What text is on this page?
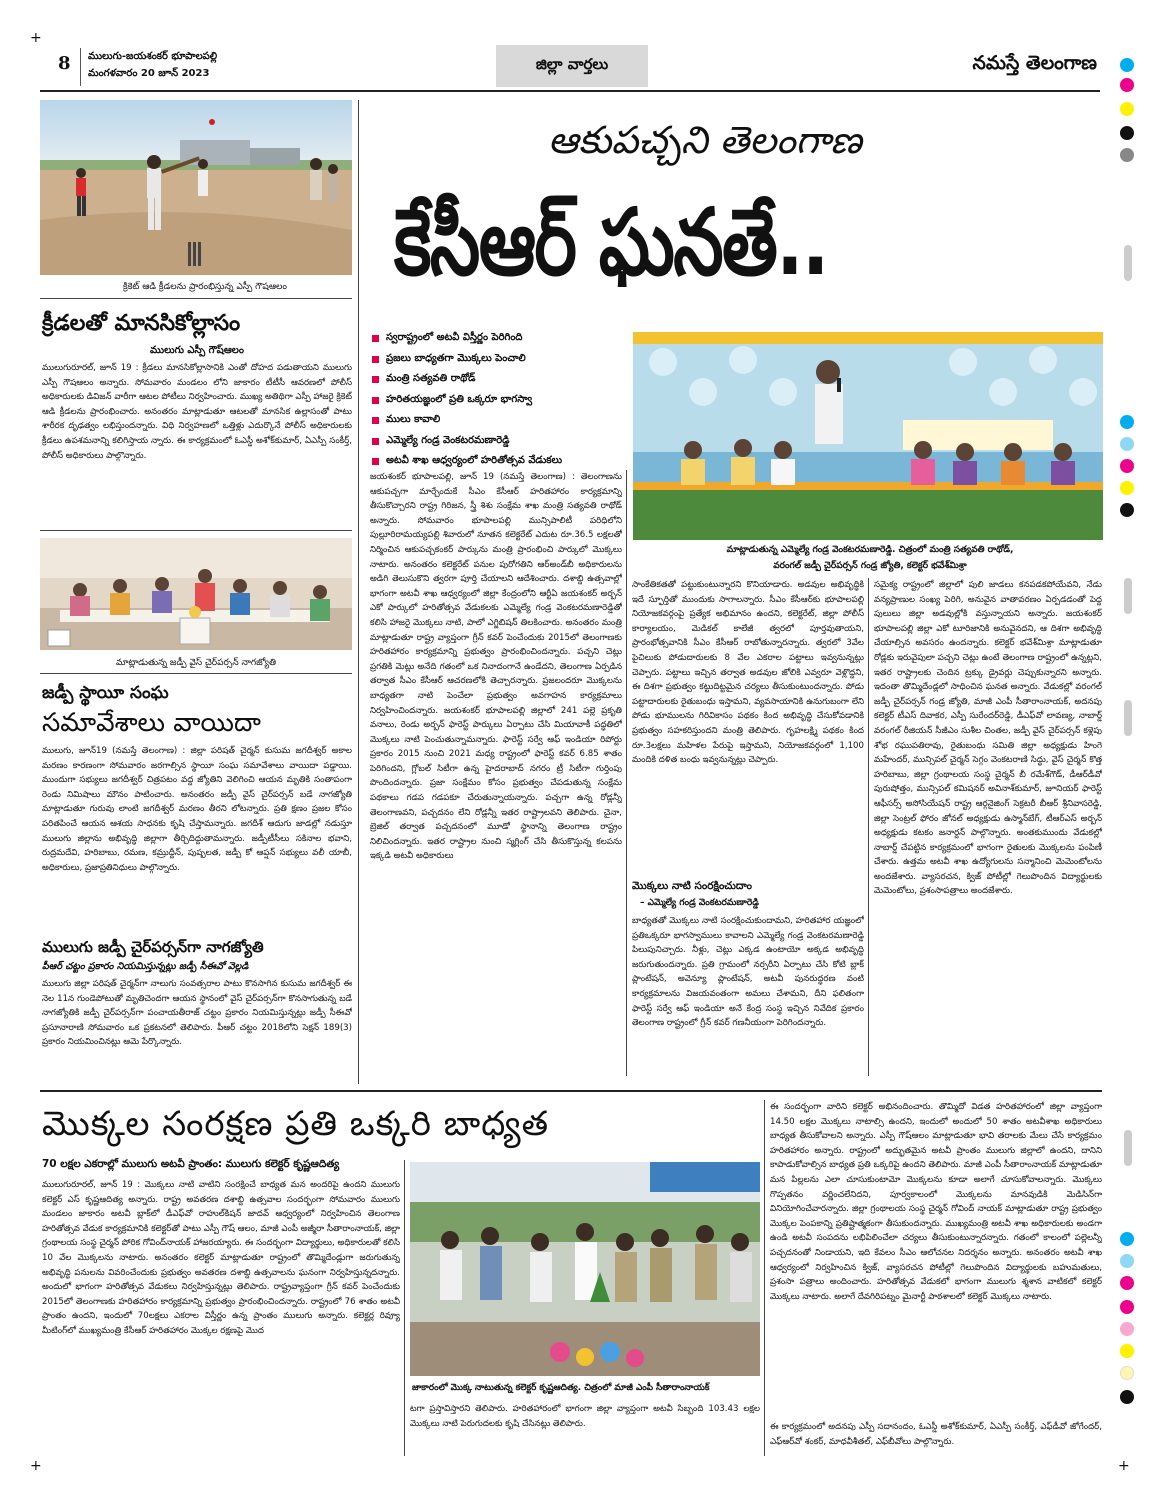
8 ములుగు-జయశంకర్ భూపాలపల్లి
మంగళవారం 20 జూన్ 2023
జిల్లా వార్తలు	నమస్తే తెలంగాణ
+
+	+
క్రికెట్ ఆడి క్రీడలను ప్రారంభిస్తున్న ఎస్పీ గౌషఆలం
క్రీడలతో మానసికోల్లాసం
ములుగు ఎస్పీ గౌష్ఆలం
ములుగురూరల్, జూన్ 19 : క్రీడలు మానసికోల్లాసానికి ఎంతో దోహద పడుతాయని ములుగు ఎస్పీ గౌషఆలం అన్నారు. సోమవారం మండలం లోని జాకారం టీటీసీ ఆవరణలో పోలీస్ అధికారులకు డివిజన్ వారీగా ఆటల పోటీలు నిర్వహించారు. ముఖ్య అతిథిగా ఎస్పీ హాజరై క్రికెట్ ఆడి క్రీడలను ప్రారంభించారు. అనంతరం మాట్లాడుతూ ఆటలతో మానసిక ఉల్లాసంతో పాటు శారీరక దృఢత్వం లభిస్తుందన్నారు. విధి నిర్వహణలో ఒత్తిళ్లు ఎదుర్కొనే పోలీస్ అధికారులకు క్రీడలు ఉపశమనాన్ని కలిగిస్తాయ న్నారు. ఈ కార్యక్రమంలో ఓఎస్డీ అశోక్‌కుమార్, ఏఎస్పీ సంకీర్త్, పోలీస్ అధికారులు పాల్గొన్నారు.
మాట్లాడుతున్న జడ్పీ వైస్ చైర్‌పర్సన్ నాగజ్యోతి
జడ్పీ స్థాయీ సంఘ
సమావేశాలు వాయిదా
ములుగు, జూన్19 (నమస్తే తెలంగాణ) : జిల్లా పరిషత్ చైర్మన్ కుసుమ జగదీశ్వర్ అకాల మరణం కారణంగా సోమవారం జరగాల్సిన స్థాయీ సంఘ సమావేశాలు వాయిదా పడ్డాయి. ముందుగా సభ్యులు జగదీశ్వర్ చిత్రపటం వద్ద జ్యోతిని వెలిగించి ఆయన మృతికి సంతాపంగా రెండు నిమిషాలు మౌనం పాటించారు. అనంతరం జడ్పీ వైస్ చైర్‌పర్సన్ బడే నాగజ్యోతి మాట్లాడుతూ గురువు లాంటి జగదీశ్వర్ మరణం తీరని లోటన్నారు. ప్రతి క్షణం ప్రజల కోసం పరితపించే ఆయన ఆశయ సాధనకు కృషి చేస్తామన్నారు. జగదీశ్ ఆదుగు జాడల్లో నడుస్తూ ములుగు జిల్లాను అభివృద్ధి జిల్లాగా తీర్చిదిద్దుతామన్నారు. జడ్పీటీసీలు సకినాల భవాని, రుద్రమదేవి, హరిబాబు, రమణ, కమ్రుద్దీన్, పుష్పలత, జడ్పీ కో ఆప్షన్ సభ్యులు వలీ యాబీ, అధికారులు, ప్రజాప్రతినిధులు పాల్గొన్నారు.
ములుగు జడ్పీ చైర్‌పర్సన్‌గా నాగజ్యోతి
పీఆర్ చట్టం ప్రకారం నియమిస్తున్నట్లు జడ్పీ సీఈవో వెల్లడి
ములుగు జిల్లా పరిషత్ చైర్మన్‌గా నాలుగు సంవత్సరాల పాటు కొనసాగిన కుసుమ జగదీశ్వర్ ఈ నెల 11న గుండెపోటుతో మృతిచెందగా ఆయన స్థానంలో వైస్ చైర్‌పర్సన్‌గా కొనసాగుతున్న బడే నాగజ్యోతికి జడ్పీ చైర్‌పర్సన్‌గా పంచాయతీరాజ్ చట్టం ప్రకారం నియమిస్తున్నట్లు జడ్పీ సీఈవో ప్రసూనారాణి సోమవారం ఒక ప్రకటనలో తెలిపారు. పీఆర్ చట్టం 2018లోని సెక్షన్ 189(3) ప్రకారం నియమించినట్లు ఆమె పేర్కొన్నారు.
ఆకుపచ్చని తెలంగాణ
కేసీఆర్ ఘనతే..
స్వరాష్ట్రంలో అటవీ విస్తీర్ణం పెరిగింది
ప్రజలు బాధ్యతగా మొక్కలు పెంచాలి
మంత్రి సత్యవతి రాథోడ్
హరితయజ్ఞంలో ప్రతి ఒక్కరూ భాగస్వా
ములు కావాలి
ఎమ్మెల్యే గండ్ర వెంకటరమణారెడ్డి
అటవీ శాఖ ఆధ్వర్యంలో హరితోత్సవ వేడుకలు
మాట్లాడుతున్న ఎమ్మెల్యే గండ్ర వెంకటరమణారెడ్డి. చిత్రంలో మంత్రి సత్యవతి రాథోడ్,
వరంగల్ జడ్పీ చైర్‌పర్సన్ గండ్ర జ్యోతి, కలెక్టర్ భవేశ్‌మిశ్రా
జయశంకర్ భూపాలపల్లి, జూన్ 19 (నమస్తే తెలంగాణ) : తెలంగాణను ఆకుపచ్చగా మార్చేందుకే సీఎం కేసీఆర్ హరితహారం కార్యక్రమాన్ని తీసుకొచ్చారని రాష్ట్ర గిరిజన, స్త్రీ శిశు సంక్షేమ శాఖ మంత్రి సత్యవతి రాథోడ్ అన్నారు. సోమవారం భూపాలపల్లి మున్సిపాలిటీ పరిధిలోని పుల్లూరిరామయ్యపల్లి శివారులో నూతన కలెక్టరేట్ ఎదుట రూ.36.5 లక్షలతో నిర్మించిన ఆకుపచ్చకంకర్ పార్కును మంత్రి ప్రారంభించి పార్కులో మొక్కలు నాటారు. అనంతరం కలెక్టరేట్ పనుల పురోగతిని ఆర్‌అండ్‌బీ అధికారులను అడిగి తెలుసుకొని త్వరగా పూర్తి చేయాలని ఆదేశించారు. దశాబ్ది ఉత్సవాల్లో భాగంగా అటవీ శాఖ ఆధ్వర్యంలో జిల్లా కేంద్రంలోని ఆర్టీఏ జయశంకర్ అర్బన్ ఎకో పార్కులో హరితోత్సవ వేడుకలకు ఎమ్మెల్యే గండ్ర వెంకటరమణారెడ్డితో కలిసి హాజరై మొక్కలు నాటి, పాలో ఎగ్జిబిషన్ తిలకించారు. అనంతరం మంత్రి మాట్లాడుతూ రాష్ట్ర వ్యాప్తంగా గ్రీన్ కవర్ పెంచేందుకు 2015లో తెలంగాణకు హరితహారం కార్యక్రమాన్ని ప్రభుత్వం ప్రారంభించిందన్నారు. పచ్చని చెట్లు ప్రగతికి మెట్లు అనేది గతంలో ఒక నినాదంగానే ఉండేదని, తెలంగాణ ఏర్పడిన తర్వాత సీఎం కేసీఆర్ ఆచరణలోకి తెచ్చారన్నారు. ప్రజలందరూ మొక్కలను బాధ్యతగా నాటి పెంచేలా ప్రభుత్వం అవగాహన కార్యక్రమాలు నిర్వహించిందన్నారు. జయశంకర్ భూపాలపల్లి జిల్లాలో 241 పల్లె ప్రకృతి వనాలు, రెండు అర్బన్ ఫారెస్ట్ పార్కులు ఏర్పాటు చేసి మియావాకీ పద్ధతిలో మొక్కలు నాటి పెంచుతున్నామన్నారు. ఫారెస్ట్ సర్వే ఆఫ్ ఇండియా రిపోర్టు ప్రకారం 2015 నుంచి 2021 మధ్య రాష్ట్రంలో ఫారెస్ట్ కవర్ 6.85 శాతం పెరిగిందని, గ్లోబల్ సిటీగా ఉన్న హైదరాబాద్ నగరం ట్రీ సిటీగా గుర్తింపు పొందిందన్నారు. ప్రజా సంక్షేమం కోసం ప్రభుత్వం చేపడుతున్న సంక్షేమ పథకాలు గడప గడపకూ చేరుతున్నాయన్నారు. పచ్చగా ఉన్న రోడ్లన్నీ తెలంగాణవని, పచ్చదనం లేని రోడ్లన్నీ ఇతర రాష్ట్రాలవని తెలిపారు. చైనా, బ్రెజిల్ తర్వాత పచ్చదనంలో మూడో స్థానాన్ని తెలంగాణ రాష్ట్రం నిలిచిందన్నారు. ఇతర రాష్ట్రాల నుంచి స్మగ్లింగ్ చేసి తీసుకొస్తున్న కలపను ఇక్కడి అటవీ అధికారులు
సాంకేతికతతో పట్టుకుంటున్నారని కొనియాడారు. అడవుల అభివృద్ధికి ఇదే స్ఫూర్తితో ముందుకు సాగాలన్నారు. సీఎం కేసీఆర్‌కు భూపాలపల్లి నియోజకవర్గంపై ప్రత్యేక అభిమానం ఉందని, కలెక్టరేట్, జిల్లా పోలీస్ కార్యాలయం, మెడికల్ కాలేజీ త్వరలో పూర్తవుతాయని, ప్రారంభోత్సవానికి సీఎం కేసీఆర్ రాబోతున్నారన్నారు. త్వరలో 3వేల పైచిలుకు పోడుదారులకు 8 వేల ఎకరాల పట్టాలు ఇవ్వనున్నట్లు చెప్పారు. పట్టాలు ఇచ్చిన తర్వాత అడవుల జోలికి ఎవ్వరూ వెళ్లొద్దని, ఈ దిశగా ప్రభుత్వం కట్టుదిట్టమైన చర్యలు తీసుకుంటుందన్నారు. పోడు పట్టాదారులకు రైతుబంధు ఇస్తామని, వ్యవసాయానికి ఉనుగుబంగా లేని పోడు భూములను గిరివికాసం పథకం కింద అభివృద్ధి చేసుకోవడానికి ప్రభుత్వం సహకరిస్తుందని మంత్రి తెలిపారు. గృహలక్ష్మి పథకం కింద రూ.3లక్షలు మహిళల పేరుపై ఇస్తామని, నియోజకవర్గంలో 1,100 మందికి దళిత బంధు ఇవ్వనున్నట్లు చెప్పారు.
మొక్కలు నాటి సంరక్షించుదాం
– ఎమ్మెల్యే గండ్ర వెంకటరమణారెడ్డి
బాధ్యతతో మొక్కలు నాటి సంరక్షించుకుందామని, హరితహార యజ్ఞంలో ప్రతిఒక్కరూ భాగస్వాములు కావాలని ఎమ్మెల్యే గండ్ర వెంకటరమణారెడ్డి పిలుపునిచ్చారు. నీళ్లు, చెట్లు ఎక్కడ ఉంటాయో అక్కడ అభివృద్ధి జరుగుతుందన్నారు. ప్రతి గ్రామంలో నర్సరీని ఏర్పాటు చేసి కోటి బ్లాక్ ప్లాంటేషన్, అవెన్యూ ప్లాంటేషన్, అటవీ పునరుద్ధరణ వంటి కార్యక్రమాలను విజయవంతంగా అమలు చేశామని, దీని ఫలితంగా ఫారెస్ట్ సర్వే ఆఫ్ ఇండియా అనే కేంద్ర సంస్థ ఇచ్చిన నివేదిక ప్రకారం తెలంగాణ రాష్ట్రంలో గ్రీన్ కవర్ గణనీయంగా పెరిగిందన్నారు.
సమైక్య రాష్ట్రంలో జిల్లాలో పులి జాడలు కనపడకపోయేవని, నేడు వన్యప్రాణుల సంఖ్య పెరిగి, అనువైన వాతావరణం ఏర్పడడంతో పెద్ద పులులు జిల్లా అడవుల్లోకి వస్తున్నాయని అన్నారు. జయశంకర్ భూపాలపల్లి జిల్లా ఎకో టూరిజానికి అనువైనదని, ఆ దిశగా అభివృద్ధి చేయాల్సిన అవసరం ఉందన్నారు. కలెక్టర్ భవేశ్‌మిశ్రా మాట్లాడుతూ రోడ్లకు ఇరువైపులా పచ్చని చెట్లు ఉంటే తెలంగాణ రాష్ట్రంలో ఉన్నట్లని, ఇతర రాష్ట్రాలకు చెందిన ట్రక్కు డ్రైవర్లు చెప్పుకున్నారని అన్నారు. ఇదంతా తొమ్మిదేండ్లలో సాధించిన ఘనత అన్నారు. వేడుకల్లో వరంగల్ జడ్పీ చైర్‌పర్సన్ గండ్ర జ్యోతి, మాజీ ఎంపీ సీతారాంనాయక్, అదనపు కలెక్టర్ టీఎస్ దివాకర, ఎస్పీ సురేందర్‌రెడ్డి, డీఎఫ్‌వో లావణ్య, నాబార్డ్ వరంగల్ రీజియన్ సీజీఎం సుశీల చింతల, జడ్పీ వైస్ చైర్‌పర్సన్ కళ్లెపు శోభ రఘుపతిరావు, రైతుబంధు సమితి జిల్లా అధ్యక్షుడు హింగె మహేందర్, మున్సిపల్ చైర్మన్ సెగ్గం వెంకటరాణి సిద్ధు, వైస్ చైర్మన్ కొత్త హరిబాబు, జిల్లా గ్రంథాలయ సంస్థ చైర్మన్ బీ రమేశ్‌గౌడ్, డీఆర్‌డీవో పురుషోత్తం, మున్సిపల్ కమిషనర్ అవినాశ్‌కుమార్, జూనియర్ ఫారెస్ట్ ఆఫీసర్స్ అసోసియేషన్ రాష్ట్ర ఆర్గనైజింగ్ సెక్రటరీ బీఆర్ శ్రీనివాసరెడ్డి, జిల్లా సెంట్రల్ ఫోరం జోనల్ అధ్యక్షుడు ఉస్మాన్‌బేగ్, టీఆర్ఎస్ అర్బన్ అధ్యక్షుడు కటకం జనార్దన్ పాల్గొన్నారు. అంతకుముందు వేడుకల్లో నాబార్డ్ చేపట్టిన కార్యక్రమంలో భాగంగా రైతులకు మొక్కలను పంపిణీ చేశారు. ఉత్తమ అటవీ శాఖ ఉద్యోగులను సన్మానించి మెమెంటోలను అందజేశారు. వ్యాసరచన, క్విజ్ పోటీల్లో గెలుపొందిన విద్యార్థులకు మెమెంటోలు, ప్రశంసాపత్రాలు అందజేశారు.
మొక్కల సంరక్షణ ప్రతి ఒక్కరి బాధ్యత
70 లక్షల ఎకరాల్లో ములుగు అటవీ ప్రాంతం: ములుగు కలెక్టర్ కృష్ణఆదిత్య
ములుగురూరల్, జూన్ 19 : మొక్కలు నాటి వాటిని సంరక్షించే బాధ్యత మన అందరిపై ఉందని ములుగు కలెక్టర్ ఎస్ కృష్ణఆదిత్య అన్నారు. రాష్ట్ర అవతరణ దశాబ్ది ఉత్సవాల సందర్భంగా సోమవారం ములుగు మండలం జాకారం అటవీ బ్లాక్‌లో డీఎఫ్‌వో రాహుల్‌కిషన్ జాదవ్ ఆధ్వర్యంలో నిర్వహించిన తెలంగాణ హరితోత్సవ వేడుక కార్యక్రమానికి కలెక్టర్‌తో పాటు ఎస్పీ గౌష్ ఆలం, మాజీ ఎంపీ అజ్మీరా సీతారాంనాయక్, జిల్లా గ్రంథాలయ సంస్థ చైర్మన్ పోరిక గోవింద్‌నాయక్ హాజరయ్యారు. ఈ సందర్భంగా విద్యార్థులు, అధికారులతో కలిసి 10 వేల మొక్కలను నాటారు. అనంతరం కలెక్టర్ మాట్లాడుతూ రాష్ట్రంలో తొమ్మిదేండ్లుగా జరుగుతున్న అభివృద్ధి పనులను వివరించేందుకు ప్రభుత్వం అవతరణ దశాబ్ది ఉత్సవాలను ఘనంగా నిర్వహిస్తున్నదన్నారు. అందులో భాగంగా హరితోత్సవ వేడుకలు నిర్వహిస్తున్నట్లు తెలిపారు. రాష్ట్రవ్యాప్తంగా గ్రీన్ కవర్ పెంచేందుకు 2015లో తెలంగాణకు హరితహారం కార్యక్రమాన్ని ప్రభుత్వం ప్రారంభించిందన్నారు. రాష్ట్రంలో 76 శాతం అటవీ ప్రాంతం ఉందని, ఇందులో 70లక్షలు ఎకరాల విస్తీర్ణం ఉన్న ప్రాంతం ములుగు అన్నారు. కలెక్టర్ల రివ్యూ మీటింగ్‌లో ముఖ్యమంత్రి కేసీఆర్ హరితహారం మొక్కల రక్షణపై మొద
జాకారంలో మొక్క నాటుతున్న కలెక్టర్ కృష్ణఆదిత్య. చిత్రంలో మాజీ ఎంపీ సీతారాంనాయక్
టగా ప్రస్తావిస్తారని తెలిపారు. హరితహారంలో భాగంగా జిల్లా వ్యాప్తంగా అటవీ సిబ్బంది 103.43 లక్షల మొక్కలు నాటి పెరుగుదలకు కృషి చేసినట్లు తెలిపారు.
ఈ సందర్భంగా వారిని కలెక్టర్ అభినందించారు. తొమ్మిదో విడత హరితహారంలో జిల్లా వ్యాప్తంగా 14.50 లక్షల మొక్కలు నాటాల్సి ఉందని, ఇందులో అందులో 50 శాతం అటవీశాఖ అధికారులు బాధ్యత తీసుకోవాలని అన్నారు. ఎస్పీ గౌష్‌ఆలం మాట్లాడుతూ భావి తరాలకు మేలు చేసే కార్యక్రమం హరితహారం అన్నారు. రాష్ట్రంలో అద్భుతమైన అటవీ ప్రాంతం ములుగు జిల్లాలో ఉందని, దానిని కాపాడుకోవాల్సిన బాధ్యత ప్రతి ఒక్కరిపై ఉందని తెలిపారు. మాజీ ఎంపీ సీతారాంనాయక్ మాట్లాడుతూ మన పిల్లలను ఎలా చూసుకుంటామో మొక్కలను కూడా అలాగే చూసుకోవాలన్నారు. మొక్కలు గొప్పతనం వర్ణించలేనిదని, పూర్వకాలంలో మొక్కలను మానవుడికి మెడిసిన్‌గా వినియోగించేవారన్నారు. జిల్లా గ్రంథాలయ సంస్థ చైర్మన్ గోవింద్ నాయక్ మాట్లాడుతూ రాష్ట్ర ప్రభుత్వం మొక్కల పెంపకాన్ని ప్రతిష్టాత్మకంగా తీసుకుందన్నారు. ముఖ్యమంత్రి అటవీ శాఖ అధికారులకు అండగా ఉండి అటవీ సంపదను లభిపిలించేలా చర్యలు తీసుకుంటున్నారన్నారు. గతంలో కాలంలో పల్లెలన్నీ పచ్చదనంతో నిండాయని, ఇది కేవలం సీఎం ఆలోచనల నిదర్శనం అన్నారు. అనంతరం అటవీ శాఖ ఆధ్వర్యంలో నిర్వహించిన క్విజ్, వ్యాసరచన పోటీల్లో గెలుపొందిన విద్యార్థులకు బహుమతులు, ప్రశంసా పత్రాలు అందించారు. హరితోత్సవ వేడుకలో భాగంగా ములుగు శ్మశాన వాటికలో కలెక్టర్ మొక్కలు నాటారు. అలాగే దేవగిరిపట్నం మైనార్టీ పాఠశాలలో కలెక్టర్ మొక్కలు నాటారు.
ఈ కార్యక్రమంలో అదనపు ఎస్పీ సదానందం, ఓఎస్డీ అశోక్‌కుమార్, ఏఎస్పీ సంకీర్త్, ఎఫ్‌డీవో జోగేందర్, ఎఫ్‌ఆర్‌వో శంకర్, మాధవీశీతల్, ఎఫ్‌బీవోలు పాల్గొన్నారు.
